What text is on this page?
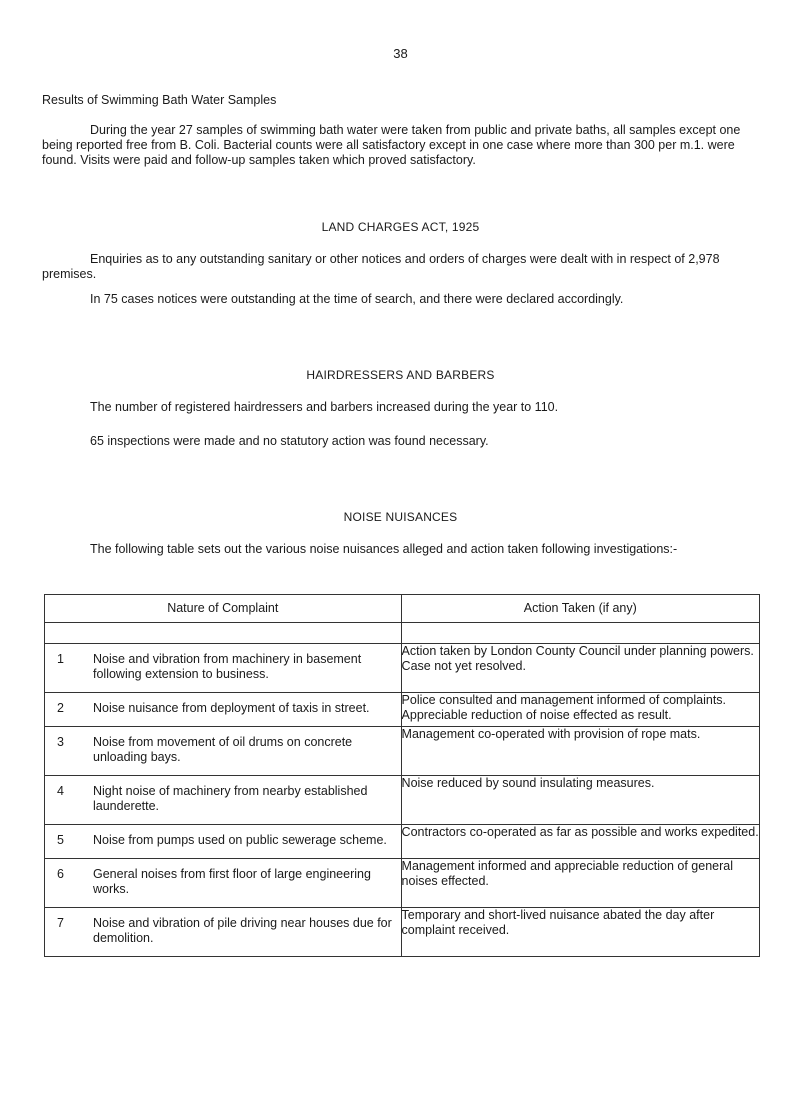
38
Results of Swimming Bath Water Samples
During the year 27 samples of swimming bath water were taken from public and private baths, all samples except one being reported free from B. Coli. Bacterial counts were all satisfactory except in one case where more than 300 per m.1. were found. Visits were paid and follow-up samples taken which proved satisfactory.
LAND CHARGES ACT, 1925
Enquiries as to any outstanding sanitary or other notices and orders of charges were dealt with in respect of 2,978 premises.
In 75 cases notices were outstanding at the time of search, and there were declared accordingly.
HAIRDRESSERS AND BARBERS
The number of registered hairdressers and barbers increased during the year to 110.
65 inspections were made and no statutory action was found necessary.
NOISE NUISANCES
The following table sets out the various noise nuisances alleged and action taken following investigations:-
Nature of Complaint	Action Taken (if any)

1 Noise and vibration from machinery in basement following extension to business.	Action taken by London County Council under planning powers. Case not yet resolved.

2 Noise nuisance from deployment of taxis in street.	Police consulted and management informed of complaints. Appreciable reduction of noise effected as result.

3 Noise from movement of oil drums on concrete unloading bays.	Management co-operated with provision of rope mats.

4 Night noise of machinery from nearby established launderette.	Noise reduced by sound insulating measures.

5 Noise from pumps used on public sewerage scheme.	Contractors co-operated as far as possible and works expedited.

6 General noises from first floor of large engineering works.	Management informed and appreciable reduction of general noises effected.

7 Noise and vibration of pile driving near houses due for demolition.	Temporary and short-lived nuisance abated the day after complaint received.
